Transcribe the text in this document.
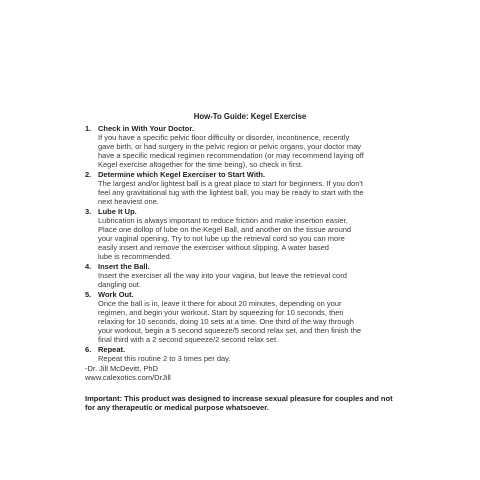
How-To Guide: Kegel Exercise
1. Check in With Your Doctor.

If you have a specific pelvic floor difficulty or disorder, incontinence, recently

gave birth, or had surgery in the pelvic region or pelvic organs, your doctor may

have a specific medical regimen recommendation (or may recommend laying off

Kegel exercise altogether for the time being), so check in first.

2. Determine which Kegel Exerciser to Start With.

The largest and/or lightest ball is a great place to start for beginners. If you don't

feel any gravitational tug with the lightest ball, you may be ready to start with the

next heaviest one.

3. Lube It Up.

Lubrication is always important to reduce friction and make insertion easier.

Place one dollop of lube on the Kegel Ball, and another on the tissue around

your vaginal opening. Try to not lube up the retrieval cord so you can more

easily insert and remove the exerciser without slipping. A water based

lube is recommended.

4. Insert the Ball.

Insert the exerciser all the way into your vagina, but leave the retrieval cord

dangling out.

5. Work Out.

Once the ball is in, leave it there for about 20 minutes, depending on your

regimen, and begin your workout. Start by squeezing for 10 seconds, then

relaxing for 10 seconds, doing 10 sets at a time. One third of the way through

your workout, begin a 5 second squeeze/5 second relax set, and then finish the

final third with a 2 second squeeze/2 second relax set.

6. Repeat.

Repeat this routine 2 to 3 times per day.

-Dr. Jill McDevitt, PhD

www.calexotics.com/DrJill

Important: This product was designed to increase sexual pleasure for couples and not
for any therapeutic or medical purpose whatsoever.
